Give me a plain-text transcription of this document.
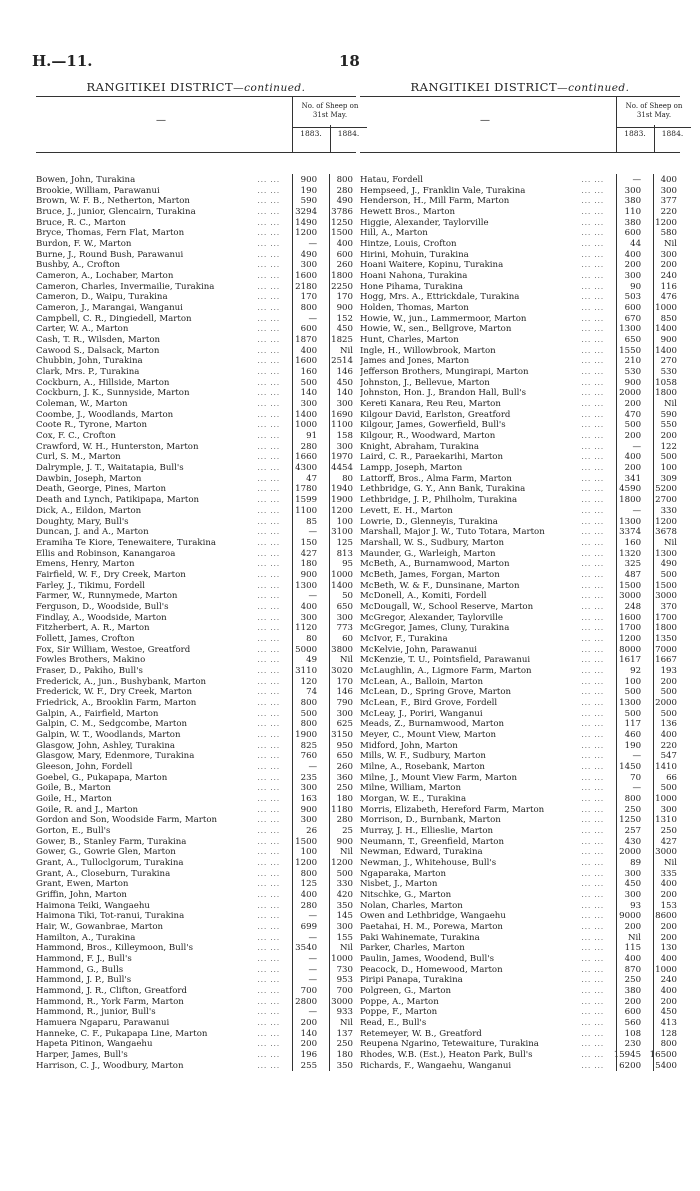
H.—11.	18
RANGITIKEI DISTRICT—continued.
—
No. of Sheep on 31st May.
1883.	1884.
Bowen, John, Turakina ... ...	900	800
Brookie, William, Parawanui ... ...	190	280
Brown, W. F. B., Netherton, Marton ... ...	590	490
Bruce, J., junior, Glencairn, Turakina ... ...	3294	3786
Bruce, R. C., Marton ... ...	1490	1250
Bryce, Thomas, Fern Flat, Marton ... ...	1200	1500
Burdon, F. W., Marton ... ...	—	400
Burne, J., Round Bush, Parawanui ... ...	490	600
Bushby, A., Crofton ... ...	300	260
Cameron, A., Lochaber, Marton ... ...	1600	1800
Cameron, Charles, Invermailie, Turakina ... ...	2180	2250
Cameron, D., Waipu, Turakina ... ...	170	170
Cameron, J., Marangai, Wanganui ... ...	800	900
Campbell, C. R., Dingiedell, Marton ... ...	—	152
Carter, W. A., Marton ... ...	600	450
Cash, T. R., Wilsden, Marton ... ...	1870	1825
Cawood S., Dalsack, Marton ... ...	400	Nil
Chubbin, John, Turakina ... ...	1600	2514
Clark, Mrs. P., Turakina ... ...	160	146
Cockburn, A., Hillside, Marton ... ...	500	450
Cockburn, J. K., Sunnyside, Marton ... ...	140	140
Coleman, W., Marton ... ...	300	300
Coombe, J., Woodlands, Marton ... ...	1400	1690
Coote R., Tyrone, Marton ... ...	1000	1100
Cox, F. C., Crofton ... ...	91	158
Crawford, W. H., Hunterston, Marton ... ...	280	300
Curl, S. M., Marton ... ...	1660	1970
Dalrymple, J. T., Waitatapia, Bull's ... ...	4300	4454
Dawbin, Joseph, Marton ... ...	47	80
Death, George, Pines, Marton ... ...	1780	1940
Death and Lynch, Patikipapa, Marton ... ...	1599	1900
Dick, A., Eildon, Marton ... ...	1100	1200
Doughty, Mary, Bull's ... ...	85	100
Duncan, J. and A., Marton ... ...	—	3100
Eramiha Te Kiore, Tenewaitere, Turakina ... ...	150	125
Ellis and Robinson, Kanangaroa ... ...	427	813
Emens, Henry, Marton ... ...	180	95
Fairfield, W. F., Dry Creek, Marton ... ...	900	1000
Farley, J., Tikimu, Fordell ... ...	1300	1400
Farmer, W., Runnymede, Marton ... ...	—	50
Ferguson, D., Woodside, Bull's ... ...	400	650
Findlay, A., Woodside, Marton ... ...	300	300
Fitzherbert, A. R., Marton ... ...	1120	773
Follett, James, Crofton ... ...	80	60
Fox, Sir William, Westoe, Greatford ... ...	5000	3800
Fowles Brothers, Makino ... ...	49	Nil
Fraser, D., Pakiho, Bull's ... ...	3110	3020
Frederick, A., jun., Bushybank, Marton ... ...	120	170
Frederick, W. F., Dry Creek, Marton ... ...	74	146
Friedrick, A., Brooklin Farm, Marton ... ...	800	790
Galpin, A., Fairfield, Marton ... ...	500	300
Galpin, C. M., Sedgcombe, Marton ... ...	800	625
Galpin, W. T., Woodlands, Marton ... ...	1900	3150
Glasgow, John, Ashley, Turakina ... ...	825	950
Glasgow, Mary, Edenmore, Turakina ... ...	760	650
Gleeson, John, Fordell ... ...	—	260
Goebel, G., Pukapapa, Marton ... ...	235	360
Goile, B., Marton ... ...	300	250
Goile, H., Marton ... ...	163	180
Goile, R. and J., Marton ... ...	900	1180
Gordon and Son, Woodside Farm, Marton ... ...	300	280
Gorton, E., Bull's ... ...	26	25
Gower, B., Stanley Farm, Turakina ... ...	1500	900
Gower, G., Gowrie Glen, Marton ... ...	100	Nil
Grant, A., Tulloclgorum, Turakina ... ...	1200	1200
Grant, A., Closeburn, Turakina ... ...	800	500
Grant, Ewen, Marton ... ...	125	330
Griffin, John, Marton ... ...	400	420
Haimona Teiki, Wangaehu ... ...	280	350
Haimona Tiki, Tot-ranui, Turakina ... ...	—	145
Hair, W., Gowanbrae, Marton ... ...	699	300
Hamilton, A., Turakina ... ...	—	155
Hammond, Bros., Killeymoon, Bull's ... ...	3540	Nil
Hammond, F. J., Bull's ... ...	—	1000
Hammond, G., Bulls ... ...	—	730
Hammond, J. P., Bull's ... ...	—	953
Hammond, J. R., Clifton, Greatford ... ...	700	700
Hammond, R., York Farm, Marton ... ...	2800	3000
Hammond, R., junior, Bull's ... ...	—	933
Hamuera Ngaparu, Parawanui ... ...	200	Nil
Hanneke, C. F., Pukapapa Line, Marton ... ...	140	137
Hapeta Pitinon, Wangaehu ... ...	200	250
Harper, James, Bull's ... ...	196	180
Harrison, C. J., Woodbury, Marton ... ...	255	350
RANGITIKEI DISTRICT—continued.
—
No. of Sheep on 31st May.
1883.	1884.
Hatau, Fordell ... ...	—	400
Hempseed, J., Franklin Vale, Turakina ... ...	300	300
Henderson, H., Mill Farm, Marton ... ...	380	377
Hewett Bros., Marton ... ...	110	220
Higgie, Alexander, Taylorville ... ...	380	1200
Hill, A., Marton ... ...	600	580
Hintze, Louis, Crofton ... ...	44	Nil
Hirini, Mohuin, Turakina ... ...	400	300
Hoani Waitere, Kopinu, Turakina ... ...	200	200
Hoani Nahona, Turakina ... ...	300	240
Hone Pihama, Turakina ... ...	90	116
Hogg, Mrs. A., Ettrickdale, Turakina ... ...	503	476
Holden, Thomas, Marton ... ...	600	1000
Howie, W., jun., Lammermoor, Marton ... ...	670	850
Howie, W., sen., Bellgrove, Marton ... ...	1300	1400
Hunt, Charles, Marton ... ...	650	900
Ingle, H., Willowbrook, Marton ... ...	1550	1400
James and Jones, Marton ... ...	210	270
Jefferson Brothers, Mungirapi, Marton ... ...	530	530
Johnston, J., Bellevue, Marton ... ...	900	1058
Johnston, Hon. J., Brandon Hall, Bull's ... ...	2000	1800
Kereti Kanara, Reu Reu, Marton ... ...	200	Nil
Kilgour David, Earlston, Greatford ... ...	470	590
Kilgour, James, Gowerfield, Bull's ... ...	500	550
Kilgour, R., Woodward, Marton ... ...	200	200
Knight, Abraham, Turakina ... ...	—	122
Laird, C. R., Paraekarihi, Marton ... ...	400	500
Lampp, Joseph, Marton ... ...	200	100
Lattorff, Bros., Alma Farm, Marton ... ...	341	309
Lethbridge, G. Y., Ann Bank, Turakina ... ...	4590	5200
Lethbridge, J. P., Philholm, Turakina ... ...	1800	2700
Levett, E. H., Marton ... ...	—	330
Lowrie, D., Glenneyis, Turakina ... ...	1300	1200
Marshall, Major J. W., Tuto Totara, Marton ... ...	3374	3678
Marshall, W. S., Sudbury, Marton ... ...	160	Nil
Maunder, G., Warleigh, Marton ... ...	1320	1300
McBeth, A., Burnamwood, Marton ... ...	325	490
McBeth, James, Forgan, Marton ... ...	487	500
McBeth, W. & F., Dunsinane, Marton ... ...	1500	1500
McDonell, A., Komiti, Fordell ... ...	3000	3000
McDougall, W., School Reserve, Marton ... ...	248	370
McGregor, Alexander, Taylorville ... ...	1600	1700
McGregor, James, Cluny, Turakina ... ...	1700	1800
McIvor, F., Turakina ... ...	1200	1350
McKelvie, John, Parawanui ... ...	8000	7000
McKenzie, T. U., Pointsfield, Parawanui ... ...	1617	1667
McLaughlin, A., Ligmore Farm, Marton ... ...	92	193
McLean, A., Balloin, Marton ... ...	100	200
McLean, D., Spring Grove, Marton ... ...	500	500
McLean, F., Bird Grove, Fordell ... ...	1300	2000
McLeay, J., Poriri, Wanganui ... ...	500	500
Meads, Z., Burnamwood, Marton ... ...	117	136
Meyer, C., Mount View, Marton ... ...	460	400
Midford, John, Marton ... ...	190	220
Mills, W. F., Sudbury, Marton ... ...	—	547
Milne, A., Rosebank, Marton ... ...	1450	1410
Milne, J., Mount View Farm, Marton ... ...	70	66
Milne, William, Marton ... ...	—	500
Morgan, W. E., Turakina ... ...	800	1000
Morris, Elizabeth, Hereford Farm, Marton ... ...	250	300
Morrison, D., Burnbank, Marton ... ...	1250	1310
Murray, J. H., Ellieslie, Marton ... ...	257	250
Neumann, T., Greenfield, Marton ... ...	430	427
Newman, Edward, Turakina ... ...	2000	3000
Newman, J., Whitehouse, Bull's ... ...	89	Nil
Ngaparaka, Marton ... ...	300	335
Nisbet, J., Marton ... ...	450	400
Nitschke, G., Marton ... ...	300	200
Nolan, Charles, Marton ... ...	93	153
Owen and Lethbridge, Wangaehu ... ...	9000	8600
Paetahai, H. M., Porewa, Marton ... ...	200	200
Paki Wahinemate, Turakina ... ...	Nil	200
Parker, Charles, Marton ... ...	115	130
Paulin, James, Woodend, Bull's ... ...	400	400
Peacock, D., Homewood, Marton ... ...	870	1000
Piripi Panapa, Turakina ... ...	250	240
Polgreen, G., Marton ... ...	380	400
Poppe, A., Marton ... ...	200	200
Poppe, F., Marton ... ...	600	450
Read, E., Bull's ... ...	560	413
Retemeyer, W. B., Greatford ... ...	108	128
Reupena Ngarino, Tetewaiture, Turakina ... ...	230	800
Rhodes, W.B. (Est.), Heaton Park, Bull's ... ...	15945	16500
Richards, F., Wangaehu, Wanganui ... ...	6200	5400
